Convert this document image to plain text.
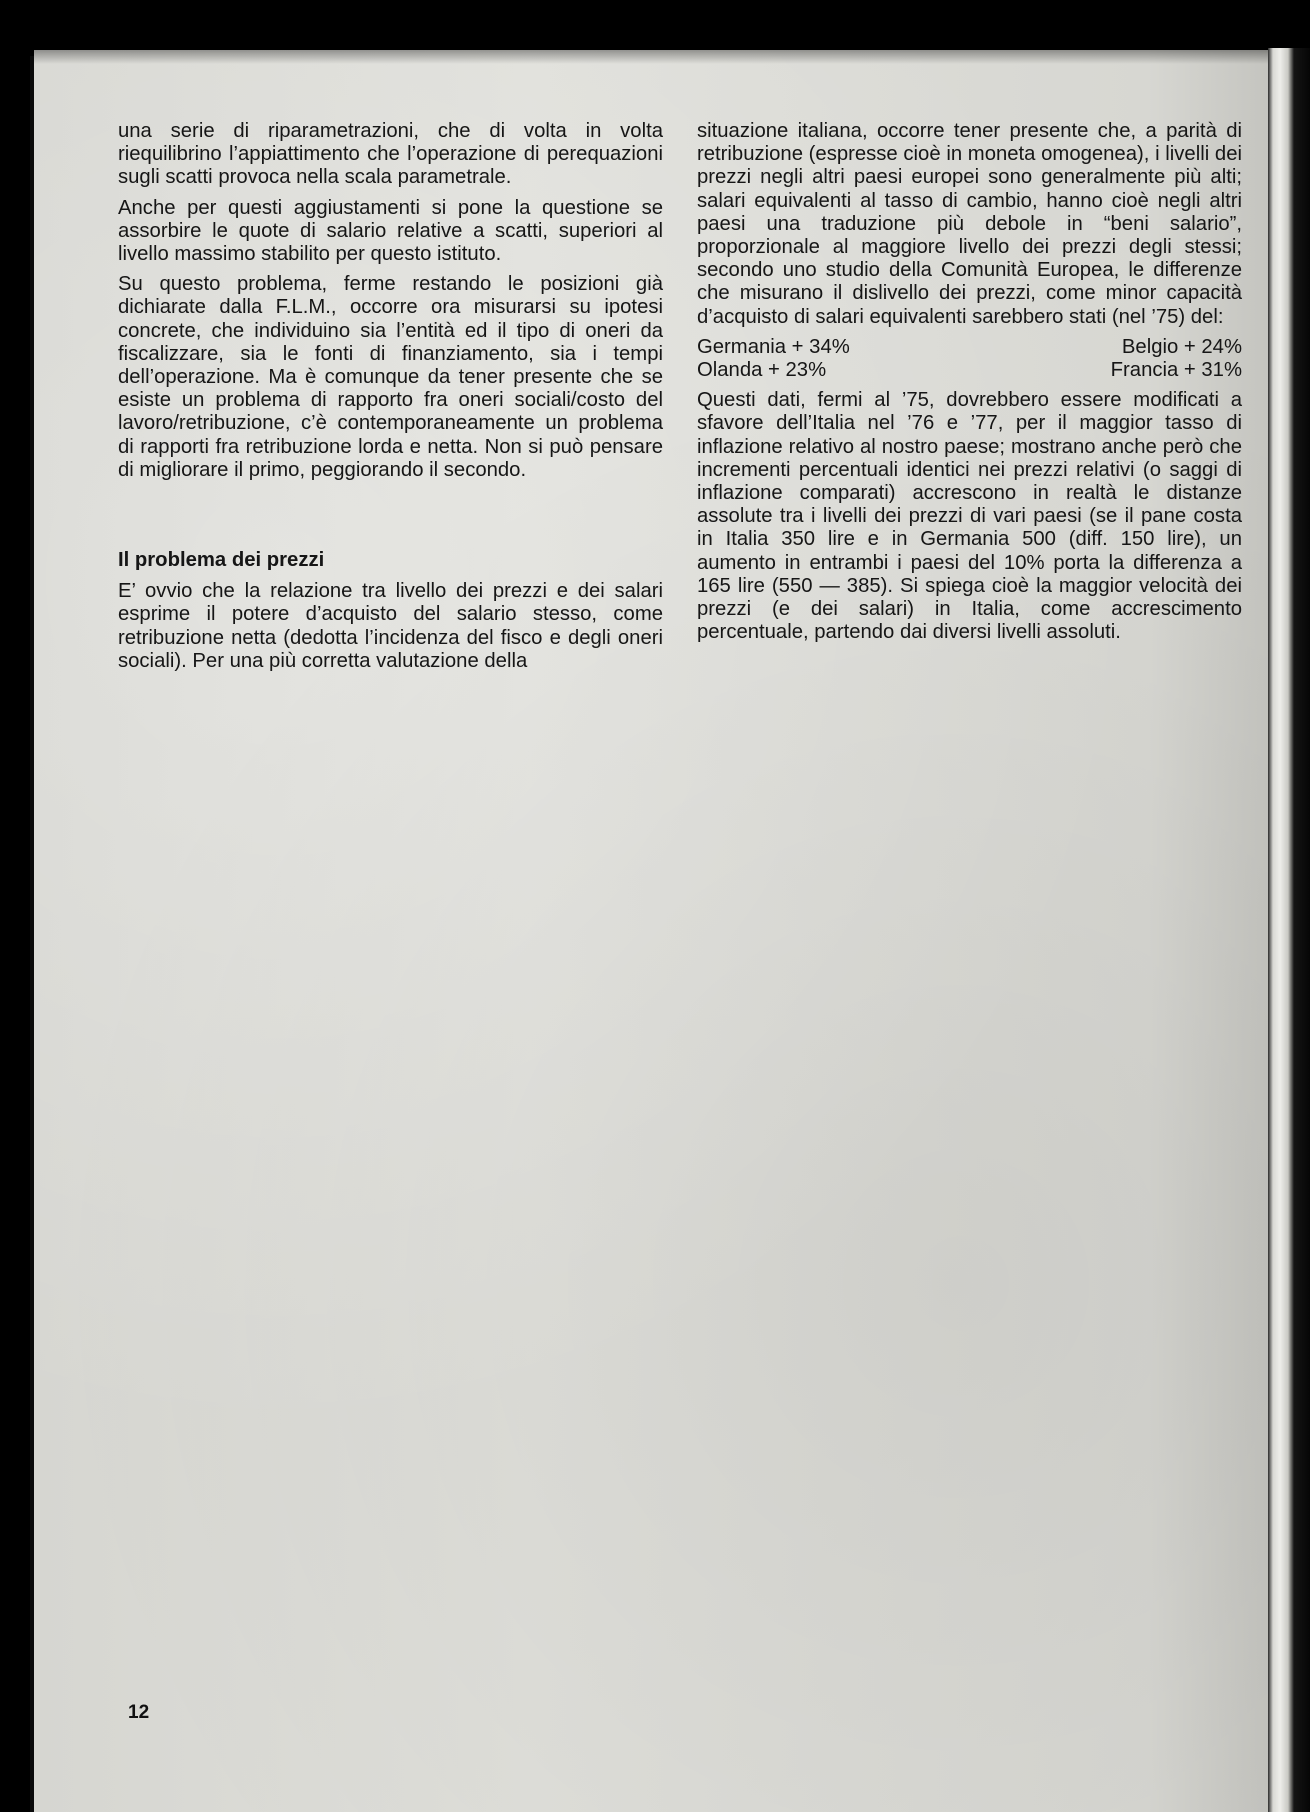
una serie di riparametrazioni, che di volta in volta riequilibrino l’appiattimento che l’operazione di perequazioni sugli scatti provoca nella scala parametrale.

Anche per questi aggiustamenti si pone la questione se assorbire le quote di salario relative a scatti, superiori al livello massimo stabilito per questo istituto.

Su questo problema, ferme restando le posizioni già dichiarate dalla F.L.M., occorre ora misurarsi su ipotesi concrete, che individuino sia l’entità ed il tipo di oneri da fiscalizzare, sia le fonti di finanziamento, sia i tempi dell’operazione. Ma è comunque da tener presente che se esiste un problema di rapporto fra oneri sociali/costo del lavoro/retribuzione, c’è contemporaneamente un problema di rapporti fra retribuzione lorda e netta. Non si può pensare di migliorare il primo, peggiorando il secondo.

Il problema dei prezzi

E’ ovvio che la relazione tra livello dei prezzi e dei salari esprime il potere d’acquisto del salario stesso, come retribuzione netta (dedotta l’incidenza del fisco e degli oneri sociali). Per una più corretta valutazione della

situazione italiana, occorre tener presente che, a parità di retribuzione (espresse cioè in moneta omogenea), i livelli dei prezzi negli altri paesi europei sono generalmente più alti; salari equivalenti al tasso di cambio, hanno cioè negli altri paesi una traduzione più debole in “beni salario”, proporzionale al maggiore livello dei prezzi degli stessi; secondo uno studio della Comunità Europea, le differenze che misurano il dislivello dei prezzi, come minor capacità d’acquisto di salari equivalenti sarebbero stati (nel ’75) del:

Germania + 34%	Belgio + 24%
Olanda + 23%	Francia + 31%

Questi dati, fermi al ’75, dovrebbero essere modificati a sfavore dell’Italia nel ’76 e ’77, per il maggior tasso di inflazione relativo al nostro paese; mostrano anche però che incrementi percentuali identici nei prezzi relativi (o saggi di inflazione comparati) accrescono in realtà le distanze assolute tra i livelli dei prezzi di vari paesi (se il pane costa in Italia 350 lire e in Germania 500 (diff. 150 lire), un aumento in entrambi i paesi del 10% porta la differenza a 165 lire (550 — 385). Si spiega cioè la maggior velocità dei prezzi (e dei salari) in Italia, come accrescimento percentuale, partendo dai diversi livelli assoluti.

12
